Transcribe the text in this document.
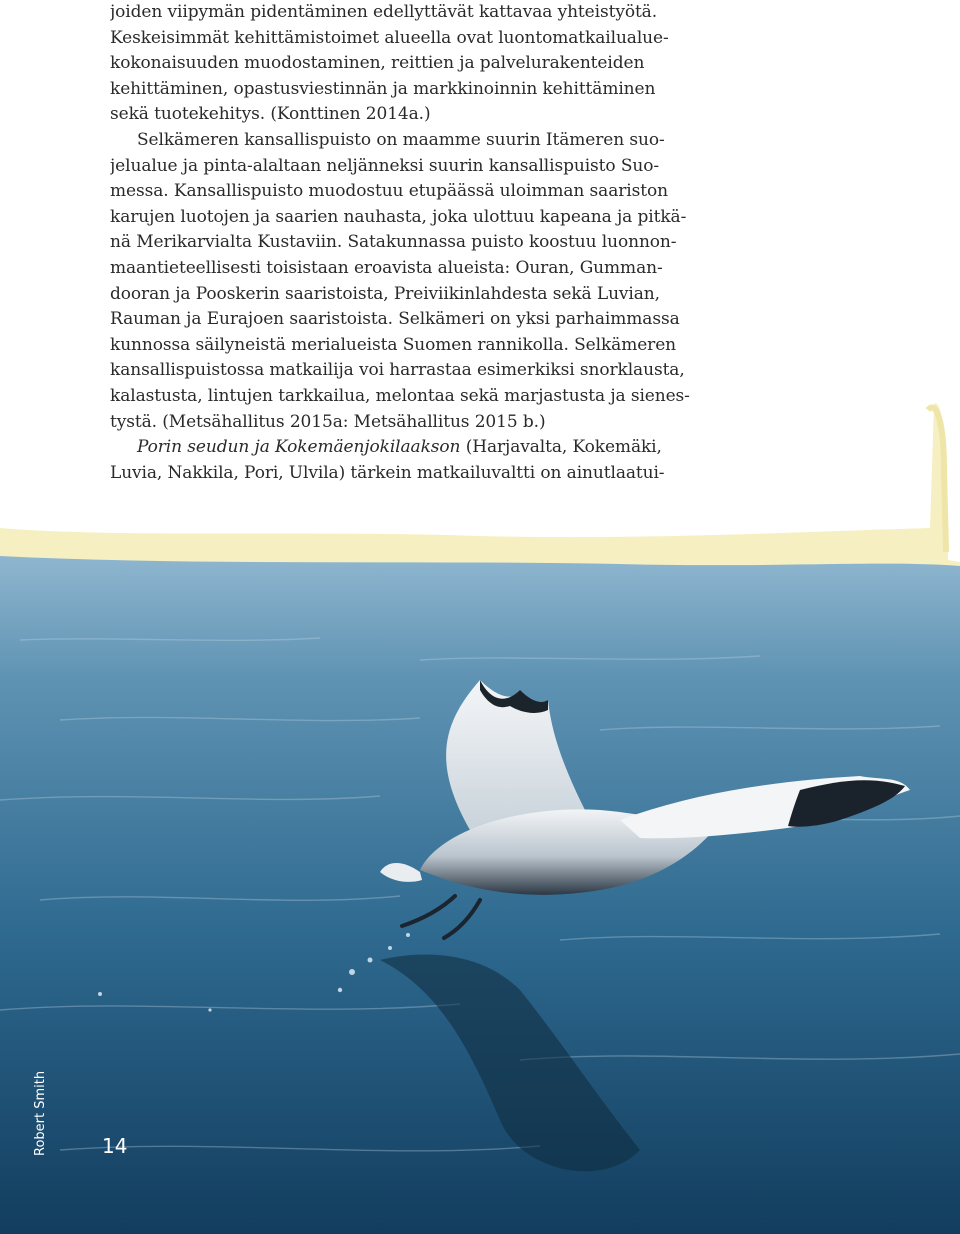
joiden viipymän pidentäminen edellyttävät kattavaa yhteistyötä.
Keskeisimmät kehittämistoimet alueella ovat luontomatkailualue-
kokonaisuuden muodostaminen, reittien ja palvelurakenteiden
kehittäminen, opastusviestinnän ja markkinoinnin kehittäminen
sekä tuotekehitys. (Konttinen 2014a.)
Selkämeren kansallispuisto on maamme suurin Itämeren suo-
jelualue ja pinta-alaltaan neljänneksi suurin kansallispuisto Suo-
messa. Kansallispuisto muodostuu etupäässä uloimman saariston
karujen luotojen ja saarien nauhasta, joka ulottuu kapeana ja pitkä-
nä Merikarvialta Kustaviin. Satakunnassa puisto koostuu luonnon-
maantieteellisesti toisistaan eroavista alueista: Ouran, Gumman-
dooran ja Pooskerin saaristoista, Preiviikinlahdesta sekä Luvian,
Rauman ja Eurajoen saaristoista. Selkämeri on yksi parhaimmassa
kunnossa säilyneistä merialueista Suomen rannikolla. Selkämeren
kansallispuistossa matkailija voi harrastaa esimerkiksi snorklausta,
kalastusta, lintujen tarkkailua, melontaa sekä marjastusta ja sienes-
tystä. (Metsähallitus 2015a: Metsähallitus 2015 b.)
Porin seudun ja Kokemäenjokilaakson (Harjavalta, Kokemäki,
Luvia, Nakkila, Pori, Ulvila) tärkein matkailuvaltti on ainutlaatui-
Robert Smith	14
